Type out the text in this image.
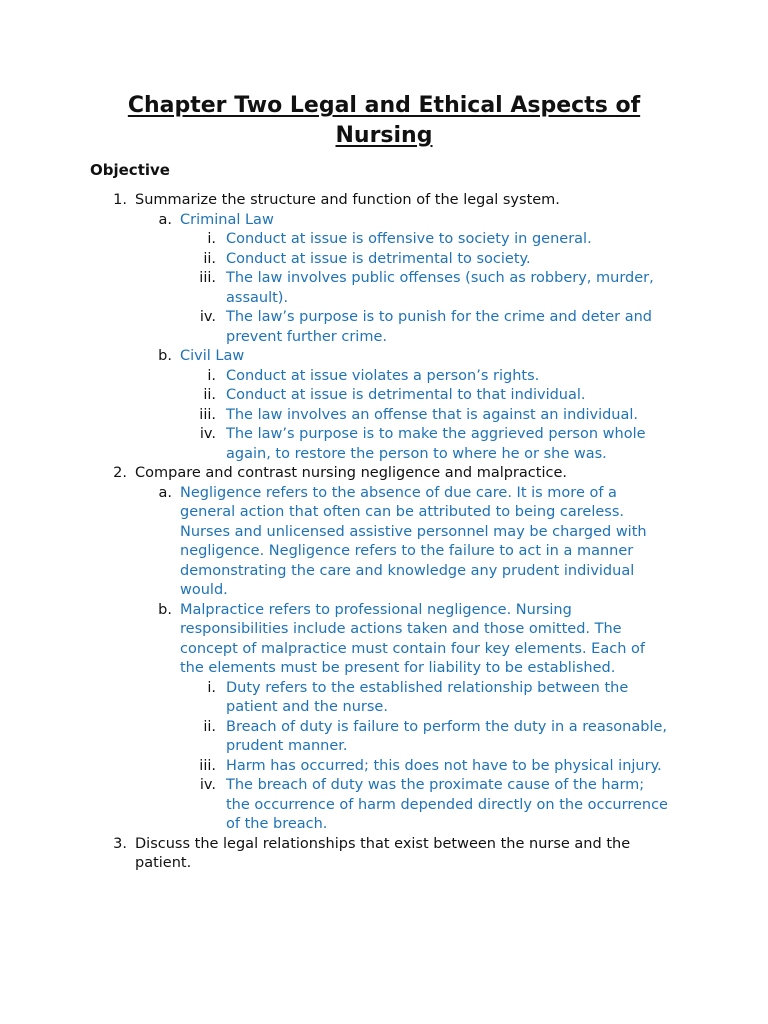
Chapter Two Legal and Ethical Aspects of Nursing
Objective
1. Summarize the structure and function of the legal system.
a. Criminal Law
i. Conduct at issue is offensive to society in general.
ii. Conduct at issue is detrimental to society.
iii. The law involves public offenses (such as robbery, murder, assault).
iv. The law’s purpose is to punish for the crime and deter and prevent further crime.
b. Civil Law
i. Conduct at issue violates a person’s rights.
ii. Conduct at issue is detrimental to that individual.
iii. The law involves an offense that is against an individual.
iv. The law’s purpose is to make the aggrieved person whole again, to restore the person to where he or she was.
2. Compare and contrast nursing negligence and malpractice.
a. Negligence refers to the absence of due care. It is more of a general action that often can be attributed to being careless. Nurses and unlicensed assistive personnel may be charged with negligence. Negligence refers to the failure to act in a manner demonstrating the care and knowledge any prudent individual would.
b. Malpractice refers to professional negligence. Nursing responsibilities include actions taken and those omitted. The concept of malpractice must contain four key elements. Each of the elements must be present for liability to be established.
i. Duty refers to the established relationship between the patient and the nurse.
ii. Breach of duty is failure to perform the duty in a reasonable, prudent manner.
iii. Harm has occurred; this does not have to be physical injury.
iv. The breach of duty was the proximate cause of the harm; the occurrence of harm depended directly on the occurrence of the breach.
3. Discuss the legal relationships that exist between the nurse and the patient.
